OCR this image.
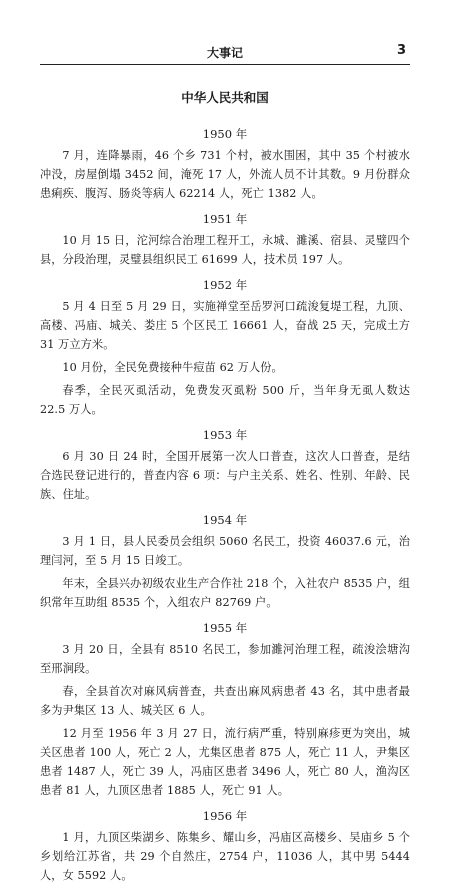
大事记	3
中华人民共和国
1950 年

7 月，连降暴雨，46 个乡 731 个村，被水围困，其中 35 个村被水冲没，房屋倒塌 3452 间，淹死 17 人，外流人员不计其数。9 月份群众患痢疾、腹泻、肠炎等病人 62214 人，死亡 1382 人。

1951 年

10 月 15 日，沱河综合治理工程开工，永城、濉溪、宿县、灵璧四个县，分段治理，灵璧县组织民工 61699 人，技术员 197 人。

1952 年

5 月 4 日至 5 月 29 日，实施禅堂至岳罗河口疏浚复堤工程，九顶、高楼、冯庙、城关、娄庄 5 个区民工 16661 人，奋战 25 天，完成土方 31 万立方米。

10 月份，全民免费接种牛痘苗 62 万人份。

春季，全民灭虱活动，免费发灭虱粉 500 斤，当年身无虱人数达 22.5 万人。

1953 年

6 月 30 日 24 时，全国开展第一次人口普查，这次人口普查，是结合选民登记进行的，普查内容 6 项：与户主关系、姓名、性别、年龄、民族、住址。

1954 年

3 月 1 日，县人民委员会组织 5060 名民工，投资 46037.6 元，治理闫河，至 5 月 15 日竣工。

年末，全县兴办初级农业生产合作社 218 个，入社农户 8535 户，组织常年互助组 8535 个，入组农户 82769 户。

1955 年

3 月 20 日，全县有 8510 名民工，参加濉河治理工程，疏浚浍塘沟至邢涧段。

春，全县首次对麻风病普查，共查出麻风病患者 43 名，其中患者最多为尹集区 13 人、城关区 6 人。

12 月至 1956 年 3 月 27 日，流行病严重，特别麻疹更为突出，城关区患者 100 人，死亡 2 人，尤集区患者 875 人，死亡 11 人，尹集区患者 1487 人，死亡 39 人，冯庙区患者 3496 人，死亡 80 人，渔沟区患者 81 人，九顶区患者 1885 人，死亡 91 人。

1956 年

1 月，九顶区柴湖乡、陈集乡、耀山乡，冯庙区高楼乡、吴庙乡 5 个乡划给江苏省，共 29 个自然庄，2754 户，11036 人，其中男 5444 人，女 5592 人。
